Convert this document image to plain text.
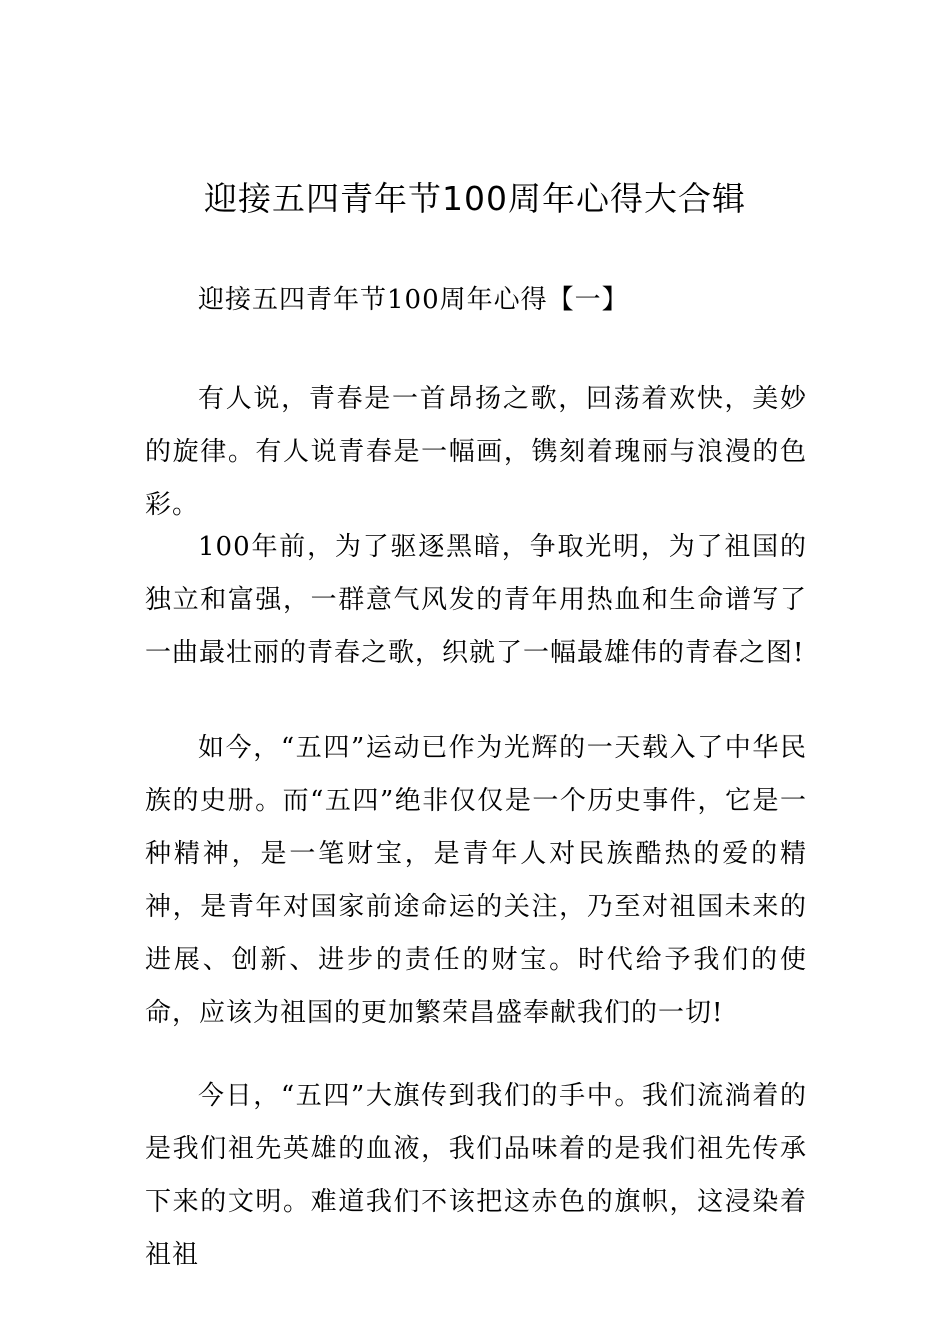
迎接五四青年节100周年心得大合辑

迎接五四青年节100周年心得【一】

有人说，青春是一首昂扬之歌，回荡着欢快，美妙的旋律。有人说青春是一幅画，镌刻着瑰丽与浪漫的色彩。

100年前，为了驱逐黑暗，争取光明，为了祖国的独立和富强，一群意气风发的青年用热血和生命谱写了一曲最壮丽的青春之歌，织就了一幅最雄伟的青春之图!

如今，“五四”运动已作为光辉的一天载入了中华民族的史册。而“五四”绝非仅仅是一个历史事件，它是一种精神，是一笔财宝，是青年人对民族酷热的爱的精神，是青年对国家前途命运的关注，乃至对祖国未来的进展、创新、进步的责任的财宝。时代给予我们的使命，应该为祖国的更加繁荣昌盛奉献我们的一切!

今日，“五四”大旗传到我们的手中。我们流淌着的是我们祖先英雄的血液，我们品味着的是我们祖先传承下来的文明。难道我们不该把这赤色的旗帜，这浸染着祖祖
